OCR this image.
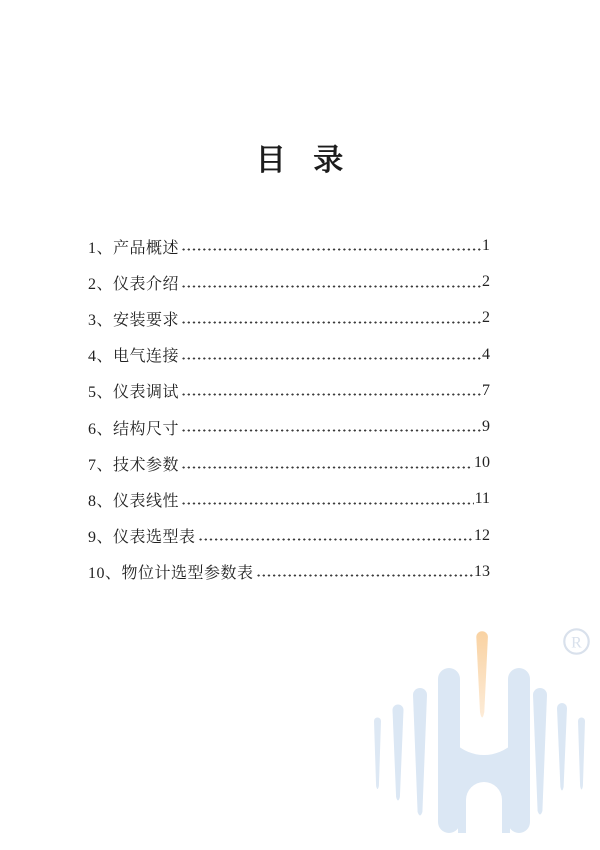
目 录
1、产品概述	1
2、仪表介绍	2
3、安装要求	2
4、电气连接	4
5、仪表调试	7
6、结构尺寸	9
7、技术参数	10
8、仪表线性	11
9、仪表选型表	12
10、物位计选型参数表	13
R
